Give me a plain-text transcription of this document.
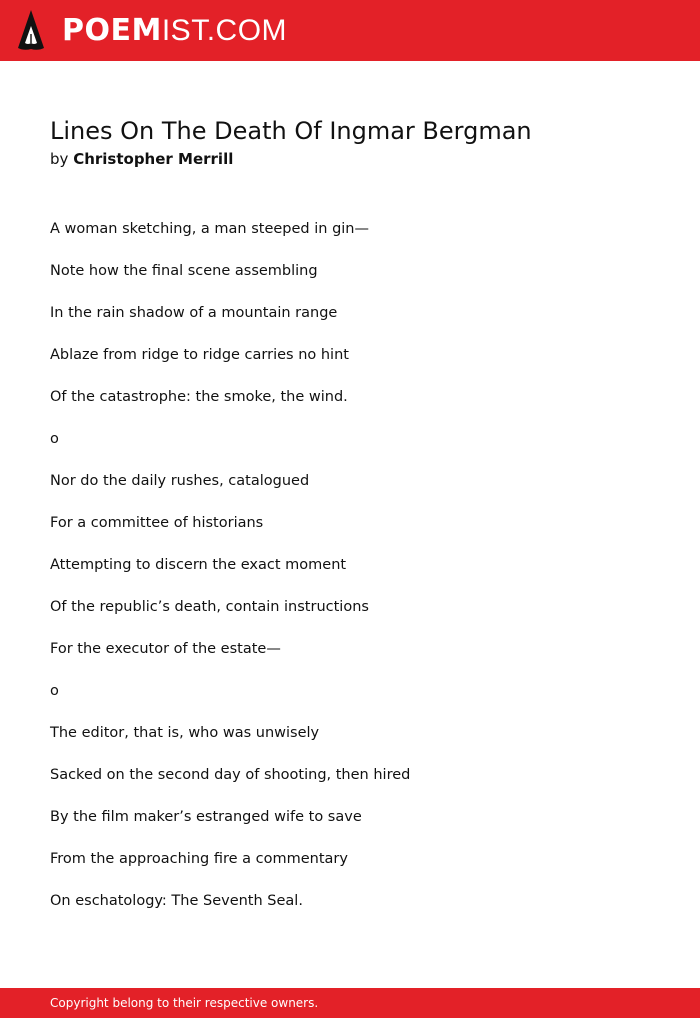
POEMIST.COM
Lines On The Death Of Ingmar Bergman
by Christopher Merrill
A woman sketching, a man steeped in gin—
Note how the final scene assembling
In the rain shadow of a mountain range
Ablaze from ridge to ridge carries no hint
Of the catastrophe: the smoke, the wind.
o
Nor do the daily rushes, catalogued
For a committee of historians
Attempting to discern the exact moment
Of the republic’s death, contain instructions
For the executor of the estate—
o
The editor, that is, who was unwisely
Sacked on the second day of shooting, then hired
By the film maker’s estranged wife to save
From the approaching fire a commentary
On eschatology: The Seventh Seal.
Copyright belong to their respective owners.
